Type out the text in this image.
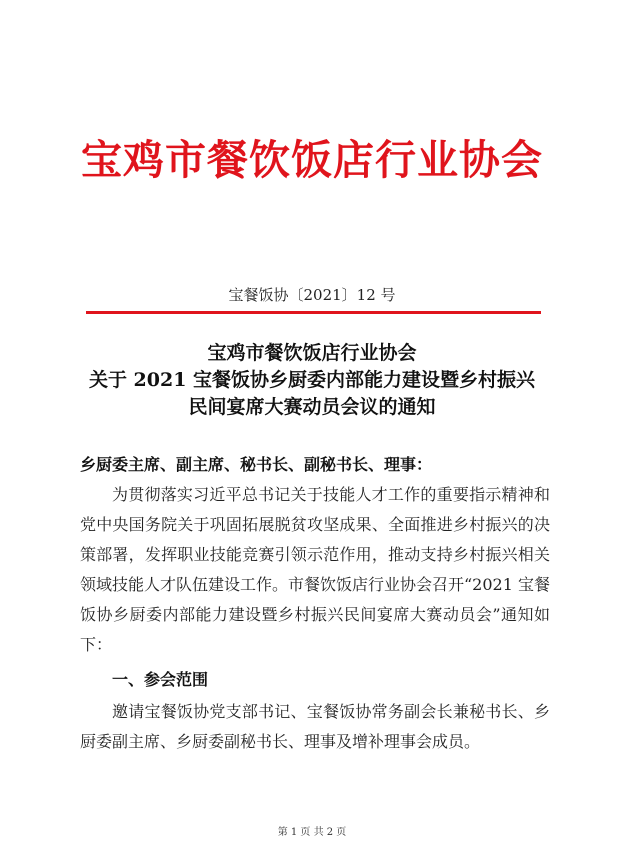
宝鸡市餐饮饭店行业协会
宝餐饭协〔2021〕12 号
宝鸡市餐饮饭店行业协会
关于 2021 宝餐饭协乡厨委内部能力建设暨乡村振兴
民间宴席大赛动员会议的通知
乡厨委主席、副主席、秘书长、副秘书长、理事：
为贯彻落实习近平总书记关于技能人才工作的重要指示精神和党中央国务院关于巩固拓展脱贫攻坚成果、全面推进乡村振兴的决策部署，发挥职业技能竞赛引领示范作用，推动支持乡村振兴相关领域技能人才队伍建设工作。市餐饮饭店行业协会召开“2021 宝餐饭协乡厨委内部能力建设暨乡村振兴民间宴席大赛动员会”通知如下：
一、参会范围
邀请宝餐饭协党支部书记、宝餐饭协常务副会长兼秘书长、乡厨委副主席、乡厨委副秘书长、理事及增补理事会成员。
第 1 页 共 2 页
